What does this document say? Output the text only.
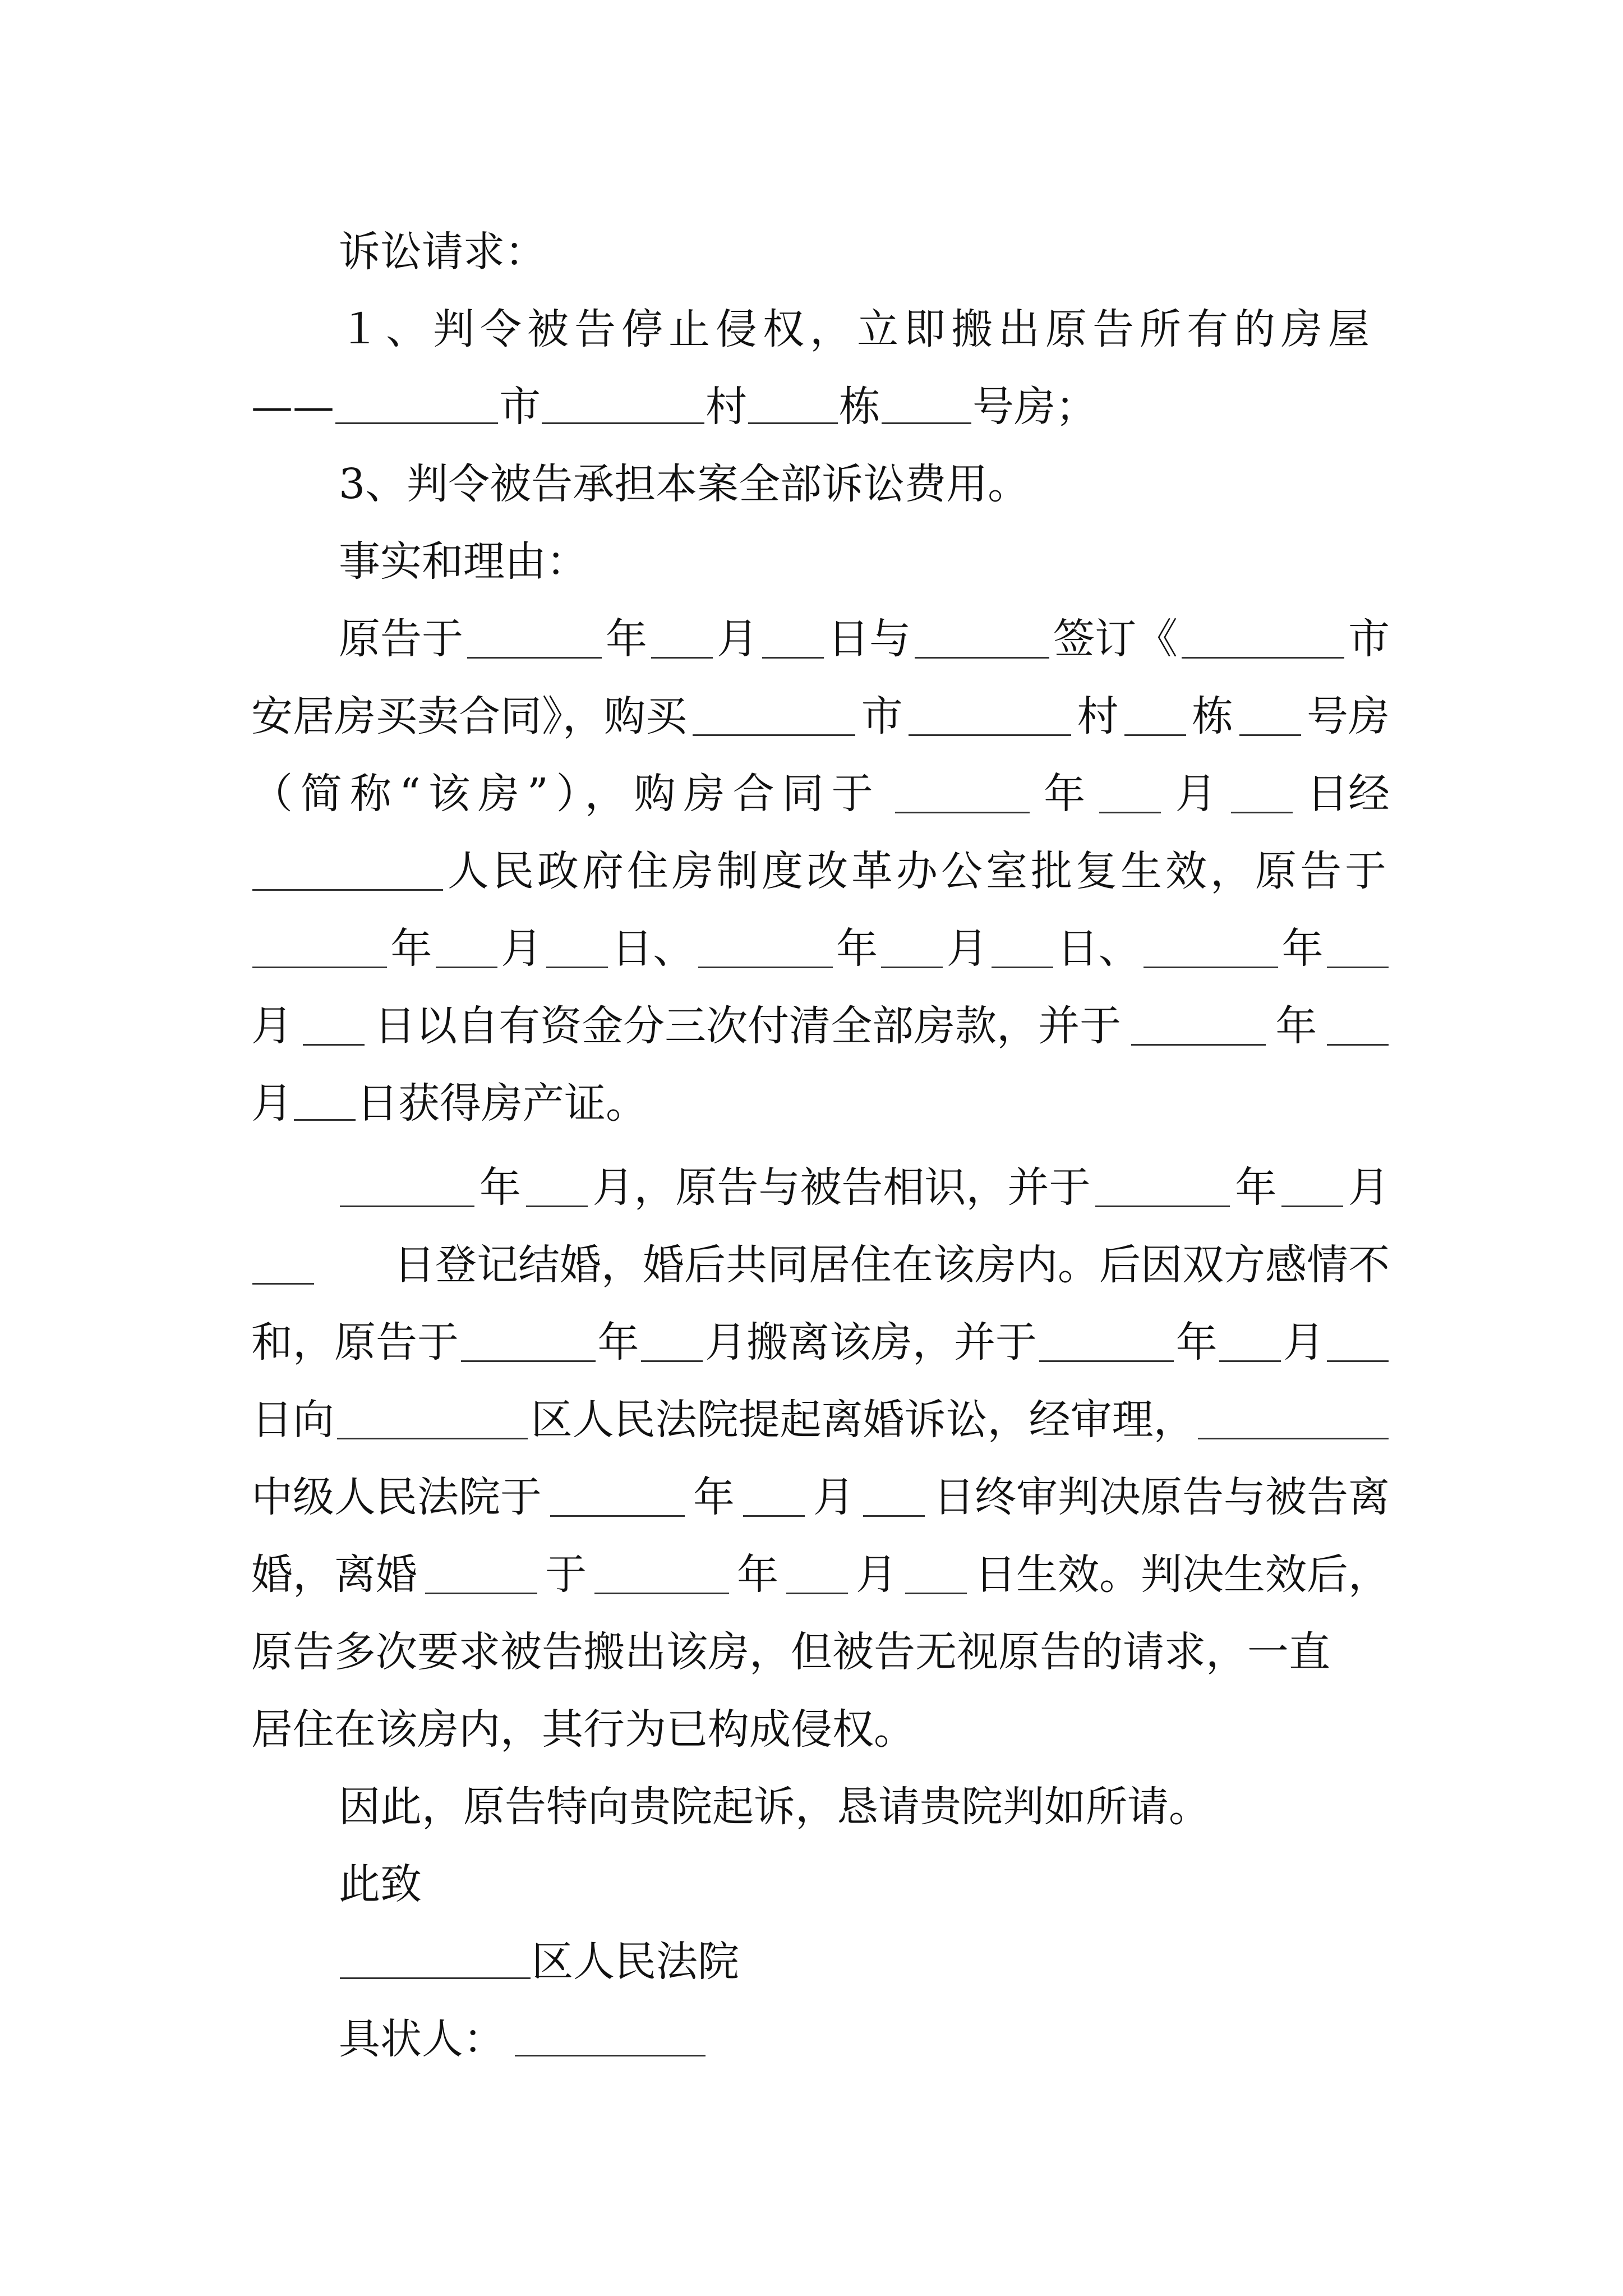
诉讼请求：
１、判令被告停止侵权，立即搬出原告所有的房屋
——	市	村 栋 号房；
3、判令被告承担本案全部诉讼费用。
事实和理由：
原告于	年 月 日与	签订《	市
安居房买卖合同》，购买	市	村 栋 号房
（简称“该房”），购房合同于	年 月 日经
人民政府住房制度改革办公室批复生效，原告于
年 月 日、	年 月 日、	年
月 日以自有资金分三次付清全部房款，并于	年
月 日获得房产证。
年 月，原告与被告相识，并于	年 月
日登记结婚，婚后共同居住在该房内。后因双方感情不
和，原告于	年 月搬离该房，并于	年 月
日向	区人民法院提起离婚诉讼，经审理，
中级人民法院于	年 月 日终审判决原告与被告离
婚，离婚	于	年 月 日生效。判决生效后，
原告多次要求被告搬出该房，但被告无视原告的请求，一直
居住在该房内，其行为已构成侵权。
因此，原告特向贵院起诉，恳请贵院判如所请。
此致
区人民法院
具状人：
